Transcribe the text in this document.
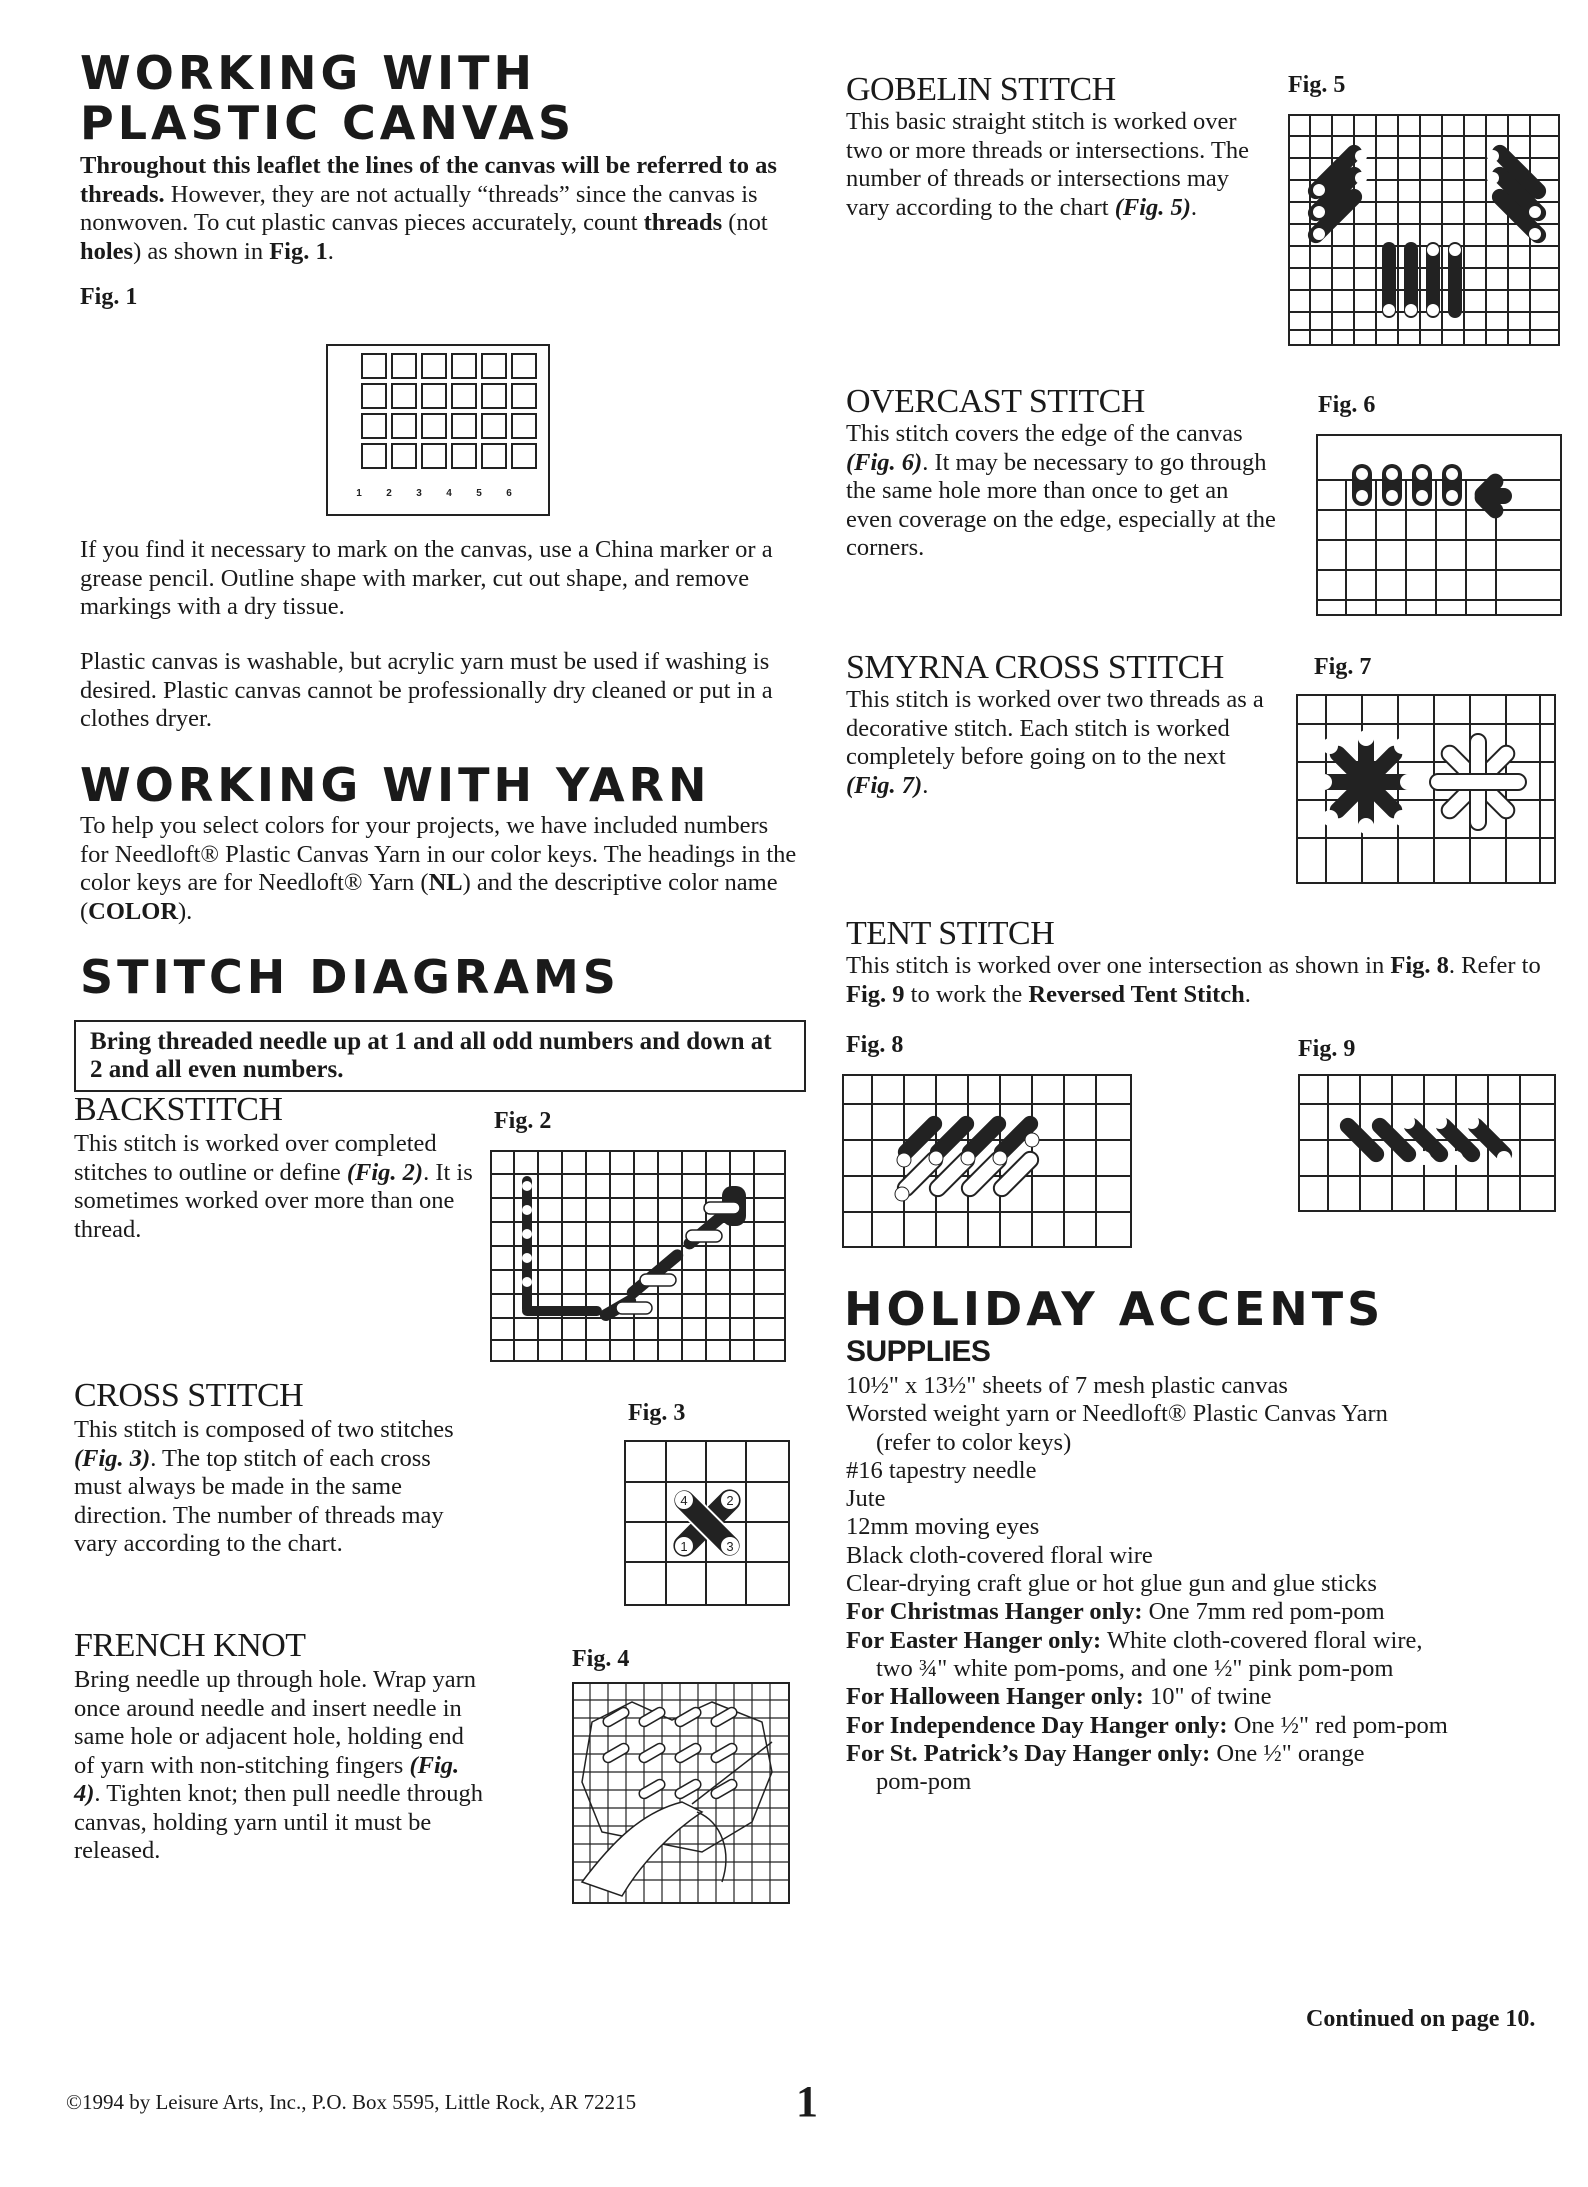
WORKING WITH
PLASTIC CANVAS

Throughout this leaflet the lines of the canvas will be referred to as threads. However, they are not actually “threads” since the canvas is nonwoven. To cut plastic canvas pieces accurately, count threads (not holes) as shown in Fig. 1.

Fig. 1

1 2 3 4 5 6

If you find it necessary to mark on the canvas, use a China marker or a grease pencil. Outline shape with marker, cut out shape, and remove markings with a dry tissue.

Plastic canvas is washable, but acrylic yarn must be used if washing is desired. Plastic canvas cannot be professionally dry cleaned or put in a clothes dryer.

WORKING WITH YARN

To help you select colors for your projects, we have included numbers for Needloft® Plastic Canvas Yarn in our color keys. The headings in the color keys are for Needloft® Yarn (NL) and the descriptive color name (COLOR).

STITCH DIAGRAMS
Bring threaded needle up at 1 and all odd numbers and down at 2 and all even numbers.
BACKSTITCH

This stitch is worked over completed stitches to outline or define (Fig. 2). It is sometimes worked over more than one thread.

Fig. 2

CROSS STITCH

This stitch is composed of two stitches (Fig. 3). The top stitch of each cross must always be made in the same direction. The number of threads may vary according to the chart.

Fig. 3

4	2
1	3
FRENCH KNOT

Bring needle up through hole. Wrap yarn once around needle and insert needle in same hole or adjacent hole, holding end of yarn with non-stitching fingers (Fig. 4). Tighten knot; then pull needle through canvas, holding yarn until it must be released.

Fig. 4

GOBELIN STITCH

This basic straight stitch is worked over two or more threads or intersections. The number of threads or intersections may vary according to the chart (Fig. 5).

Fig. 5

OVERCAST STITCH

This stitch covers the edge of the canvas (Fig. 6). It may be necessary to go through the same hole more than once to get an even coverage on the edge, especially at the corners.

Fig. 6

SMYRNA CROSS STITCH

This stitch is worked over two threads as a decorative stitch. Each stitch is worked completely before going on to the next (Fig. 7).

Fig. 7

TENT STITCH

This stitch is worked over one intersection as shown in Fig. 8. Refer to Fig. 9 to work the Reversed Tent Stitch.

Fig. 8	Fig. 9

HOLIDAY ACCENTS
SUPPLIES

10½" x 13½" sheets of 7 mesh plastic canvas

Worsted weight yarn or Needloft® Plastic Canvas Yarn

(refer to color keys)

#16 tapestry needle

Jute

12mm moving eyes

Black cloth-covered floral wire

Clear-drying craft glue or hot glue gun and glue sticks

For Christmas Hanger only: One 7mm red pom-pom

For Easter Hanger only: White cloth-covered floral wire,

two ¾" white pom-poms, and one ½" pink pom-pom

For Halloween Hanger only: 10" of twine

For Independence Day Hanger only: One ½" red pom-pom

For St. Patrick’s Day Hanger only: One ½" orange

pom-pom

Continued on page 10.

©1994 by Leisure Arts, Inc., P.O. Box 5595, Little Rock, AR 72215	1
